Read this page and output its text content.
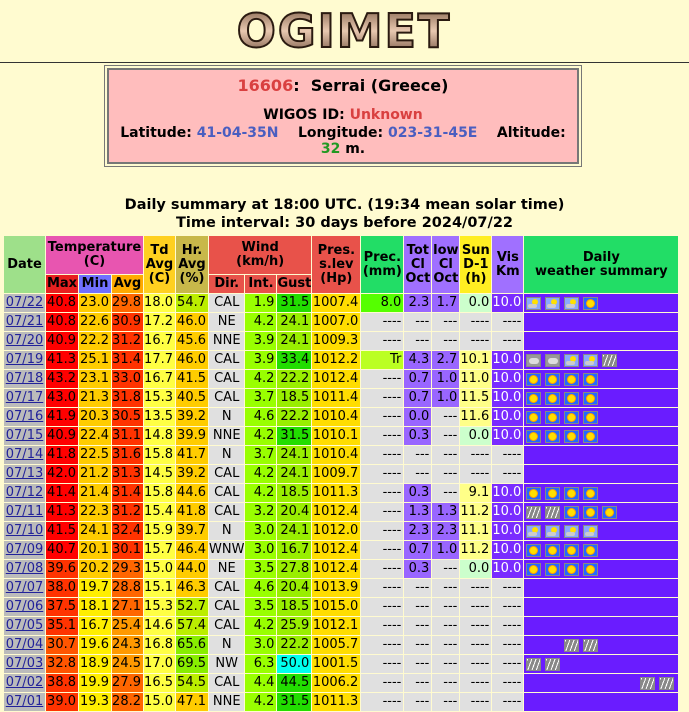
OGIMET
16606:  Serrai (Greece)
WIGOS ID: Unknown
Latitude: 41-04-35N Longitude: 023-31-45E Altitude: 32 m.
Daily summary at 18:00 UTC. (19:34 mean solar time)
Time interval: 30 days before 2024/07/22
Date	Temperature
(C)			Td
Avg
(C)	Hr.
Avg
(%)	Wind
(km/h)			Pres.
s.lev
(Hp)	Prec.
(mm)	Tot
Cl
Oct	low
Cl
Oct	Sun
D-1
(h)	Vis
Km	Daily
weather summary
	Max	Min	Avg			Dir.	Int.	Gust							
07/22	40.8	23.0	29.8	18.0	54.7	CAL	1.9	31.5	1007.4	8.0	2.3	1.7	0.0	10.0	

07/21	40.8	22.6	30.9	17.2	46.0	NE	4.2	24.1	1007.0	----	---	---	----	----	

07/20	40.9	22.2	31.2	16.7	45.6	NNE	3.9	24.1	1009.3	----	---	---	----	----	

07/19	41.3	25.1	31.4	17.7	46.0	CAL	3.9	33.4	1012.2	Tr	4.3	2.7	10.1	10.0	

07/18	43.2	23.1	33.0	16.7	41.5	CAL	4.2	22.2	1012.4	----	0.7	1.0	11.0	10.0	

07/17	43.0	21.3	31.8	15.3	40.5	CAL	3.7	18.5	1011.4	----	0.7	1.0	11.5	10.0	

07/16	41.9	20.3	30.5	13.5	39.2	N	4.6	22.2	1010.4	----	0.0	---	11.6	10.0	

07/15	40.9	22.4	31.1	14.8	39.9	NNE	4.2	31.5	1010.1	----	0.3	---	0.0	10.0	

07/14	41.8	22.5	31.6	15.8	41.7	N	3.7	24.1	1010.4	----	---	---	----	----	

07/13	42.0	21.2	31.3	14.5	39.2	CAL	4.2	24.1	1009.7	----	---	---	----	----	

07/12	41.4	21.4	31.4	15.8	44.6	CAL	4.2	18.5	1011.3	----	0.3	---	9.1	10.0	

07/11	41.3	22.3	31.2	15.4	41.8	CAL	3.2	20.4	1012.4	----	1.3	1.3	11.2	10.0	

07/10	41.5	24.1	32.4	15.9	39.7	N	3.0	24.1	1012.0	----	2.3	2.3	11.1	10.0	

07/09	40.7	20.1	30.1	15.7	46.4	WNW	3.0	16.7	1012.4	----	0.7	1.0	11.2	10.0	

07/08	39.6	20.2	29.3	15.0	44.0	NE	3.5	27.8	1012.4	----	0.3	---	0.0	10.0	

07/07	38.0	19.7	28.8	15.1	46.3	CAL	4.6	20.4	1013.9	----	---	---	----	----	

07/06	37.5	18.1	27.1	15.3	52.7	CAL	3.5	18.5	1015.0	----	---	---	----	----	

07/05	35.1	16.7	25.4	14.6	57.4	CAL	4.2	25.9	1012.1	----	---	---	----	----	

07/04	30.7	19.6	24.3	16.8	65.6	N	3.0	22.2	1005.7	----	---	---	----	----	

07/03	32.8	18.9	24.5	17.0	69.5	NW	6.3	50.0	1001.5	----	---	---	----	----	

07/02	38.8	19.9	27.9	16.5	54.5	CAL	4.4	44.5	1006.2	----	---	---	----	----	

07/01	39.0	19.3	28.2	15.0	47.1	NNE	4.2	31.5	1011.3	----	---	---	----	----	
